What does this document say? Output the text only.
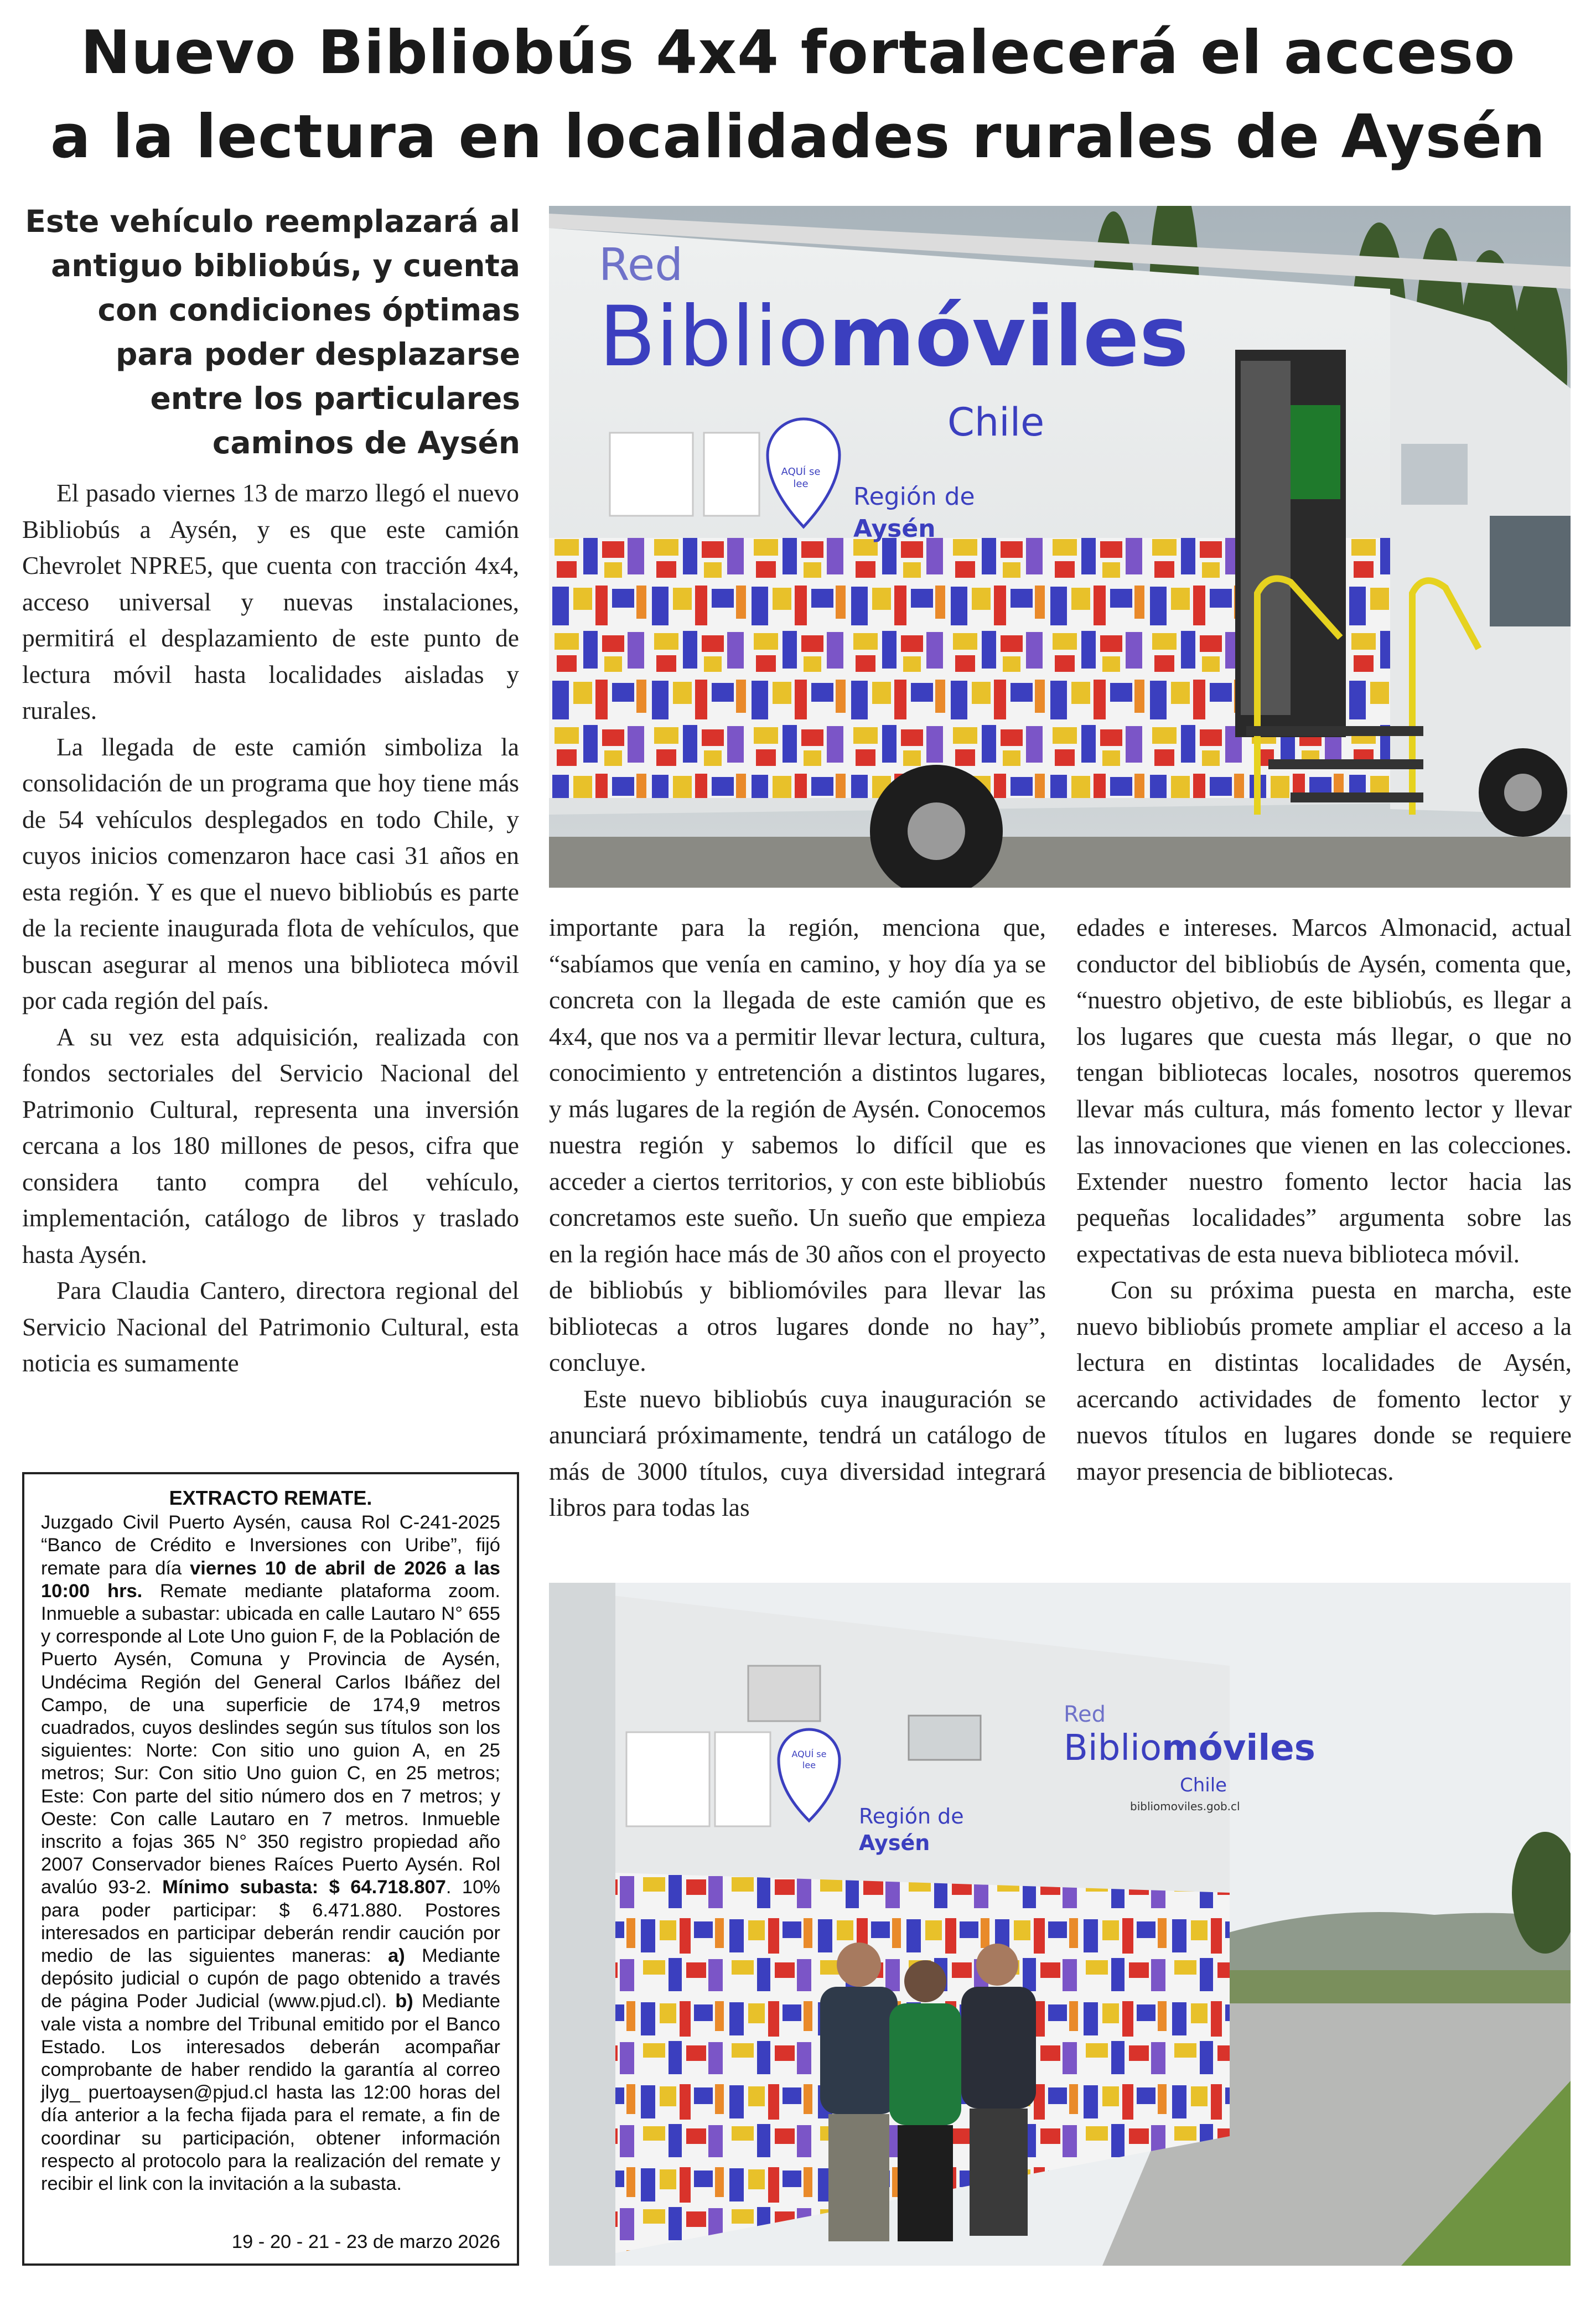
Nuevo Bibliobús 4x4 fortalecerá el acceso
a la lectura en localidades rurales de Aysén

Este vehículo reemplazará al antiguo bibliobús, y cuenta con condiciones óptimas para poder desplazarse entre los particulares caminos de Aysén

Red
Bibliomóviles
Chile
AQUÍ se lee	Región de
Aysén

El pasado viernes 13 de marzo llegó el nuevo Bibliobús a Aysén, y es que este camión Chevrolet NPRE5, que cuenta con tracción 4x4, acceso universal y nuevas instalaciones, permitirá el desplazamiento de este punto de lectura móvil hasta localidades aisladas y rurales.

La llegada de este camión simboliza la consolidación de un programa que hoy tiene más de 54 vehículos desplegados en todo Chile, y cuyos inicios comenzaron hace casi 31 años en esta región. Y es que el nuevo bibliobús es parte de la reciente inaugurada flota de vehículos, que buscan asegurar al menos una biblioteca móvil por cada región del país.

A su vez esta adquisición, realizada con fondos sectoriales del Servicio Nacional del Patrimonio Cultural, representa una inversión cercana a los 180 millones de pesos, cifra que considera tanto compra del vehículo, implementación, catálogo de libros y traslado hasta Aysén.

Para Claudia Cantero, directora regional del Servicio Nacional del Patrimonio Cultural, esta noticia es sumamente

importante para la región, menciona que, “sabíamos que venía en camino, y hoy día ya se concreta con la llegada de este camión que es 4x4, que nos va a permitir llevar lectura, cultura, conocimiento y entretención a distintos lugares, y más lugares de la región de Aysén. Conocemos nuestra región y sabemos lo difícil que es acceder a ciertos territorios, y con este bibliobús concretamos este sueño. Un sueño que empieza en la región hace más de 30 años con el proyecto de bibliobús y bibliomóviles para llevar las bibliotecas a otros lugares donde no hay”, concluye.

Este nuevo bibliobús cuya inauguración se anunciará próximamente, tendrá un catálogo de más de 3000 títulos, cuya diversidad integrará libros para todas las

edades e intereses. Marcos Almonacid, actual conductor del bibliobús de Aysén, comenta que, “nuestro objetivo, de este bibliobús, es llegar a los lugares que cuesta más llegar, o que no tengan bibliotecas locales, nosotros queremos llevar más cultura, más fomento lector y llevar las innovaciones que vienen en las colecciones. Extender nuestro fomento lector hacia las pequeñas localidades” argumenta sobre las expectativas de esta nueva biblioteca móvil.

Con su próxima puesta en marcha, este nuevo bibliobús promete ampliar el acceso a la lectura en distintas localidades de Aysén, acercando actividades de fomento lector y nuevos títulos en lugares donde se requiere mayor presencia de bibliotecas.

Red
Bibliomóviles
Chile
bibliomoviles.gob.cl
AQUÍ se lee
Región de
Aysén
EXTRACTO REMATE.
Juzgado Civil Puerto Aysén, causa Rol C-241-2025 “Banco de Crédito e Inversiones con Uribe”, fijó remate para día viernes 10 de abril de 2026 a las 10:00 hrs. Remate mediante plataforma zoom. Inmueble a subastar: ubicada en calle Lautaro N° 655 y corresponde al Lote Uno guion F, de la Población de Puerto Aysén, Comuna y Provincia de Aysén, Undécima Región del General Carlos Ibáñez del Campo, de una superficie de 174,9 metros cuadrados, cuyos deslindes según sus títulos son los siguientes: Norte: Con sitio uno guion A, en 25 metros; Sur: Con sitio Uno guion C, en 25 metros; Este: Con parte del sitio número dos en 7 metros; y Oeste: Con calle Lautaro en 7 metros. Inmueble inscrito a fojas 365 N° 350 registro propiedad año 2007 Conservador bienes Raíces Puerto Aysén. Rol avalúo 93-2. Mínimo subasta: $ 64.718.807. 10% para poder participar: $ 6.471.880. Postores interesados en participar deberán rendir caución por medio de las siguientes maneras: a) Mediante depósito judicial o cupón de pago obtenido a través de página Poder Judicial (www.pjud.cl). b) Mediante vale vista a nombre del Tribunal emitido por el Banco Estado. Los interesados deberán acompañar comprobante de haber rendido la garantía al correo jlyg_ puertoaysen@pjud.cl hasta las 12:00 horas del día anterior a la fecha fijada para el remate, a fin de coordinar su participación, obtener información respecto al protocolo para la realización del remate y recibir el link con la invitación a la subasta.
19 - 20 - 21 - 23 de marzo 2026
